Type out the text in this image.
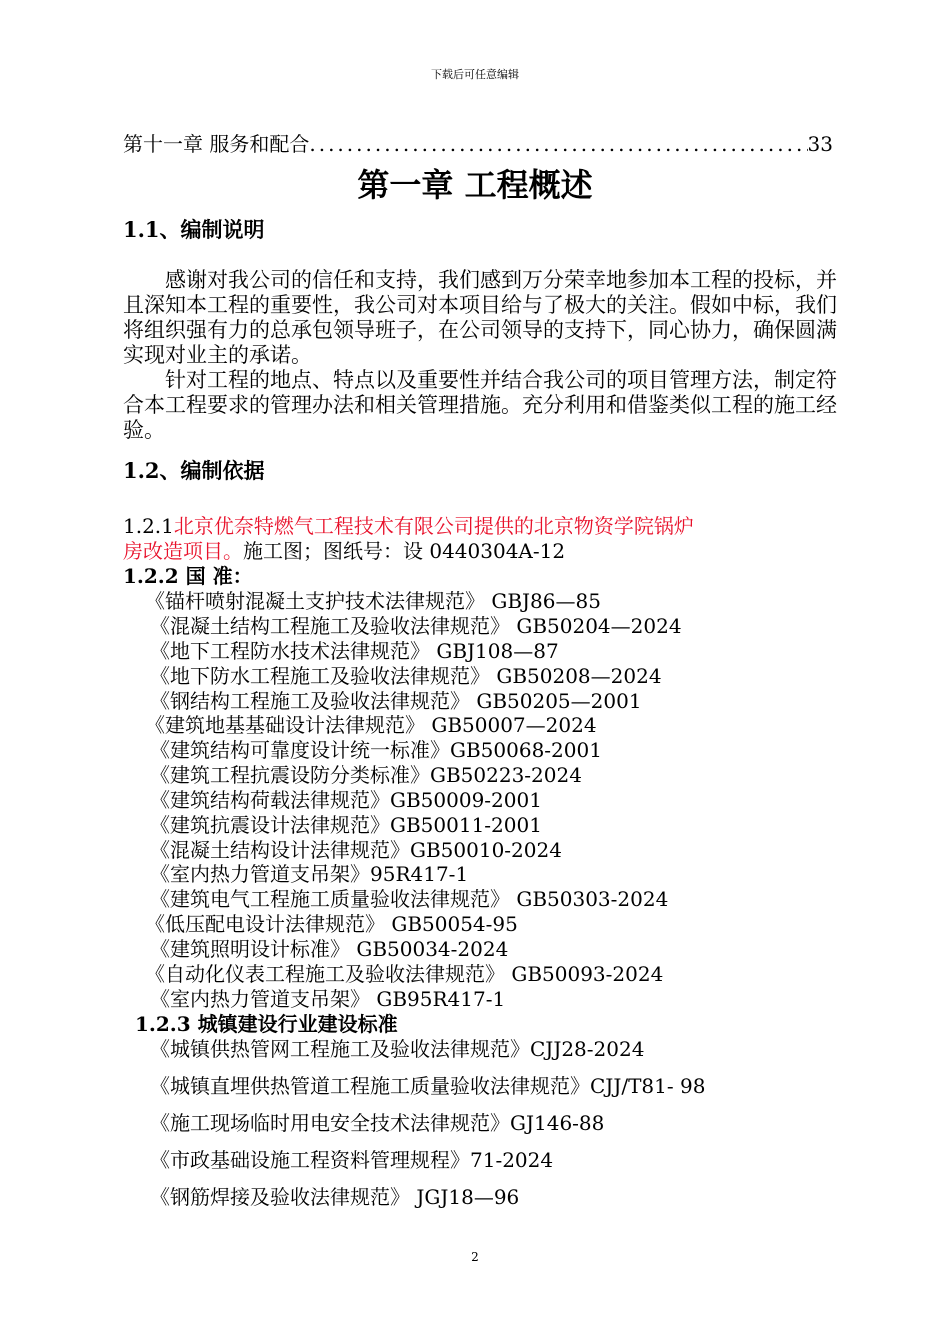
下载后可任意编辑
第十一章 服务和配合
.....	33
第一章 工程概述
1.1、编制说明

感谢对我公司的信任和支持，我们感到万分荣幸地参加本工程的投标，并且深知本工程的重要性，我公司对本项目给与了极大的关注。假如中标，我们将组织强有力的总承包领导班子，在公司领导的支持下，同心协力，确保圆满实现对业主的承诺。

针对工程的地点、特点以及重要性并结合我公司的项目管理方法，制定符合本工程要求的管理办法和相关管理措施。充分利用和借鉴类似工程的施工经验。

1.2、编制依据
1.2.1北京优奈特燃气工程技术有限公司提供的北京物资学院锅炉
房改造项目。施工图；图纸号：设 0440304A-12
1.2.2 国 准：
《锚杆喷射混凝土支护技术法律规范》 GBJ86—85
《混凝土结构工程施工及验收法律规范》 GB50204—2024
《地下工程防水技术法律规范》 GBJ108—87
《地下防水工程施工及验收法律规范》 GB50208—2024
《钢结构工程施工及验收法律规范》 GB50205—2001
《建筑地基基础设计法律规范》 GB50007—2024
《建筑结构可靠度设计统一标准》GB50068-2001
《建筑工程抗震设防分类标准》GB50223-2024
《建筑结构荷载法律规范》GB50009-2001
《建筑抗震设计法律规范》GB50011-2001
《混凝土结构设计法律规范》GB50010-2024
《室内热力管道支吊架》95R417-1
《建筑电气工程施工质量验收法律规范》 GB50303-2024
《低压配电设计法律规范》 GB50054-95
《建筑照明设计标准》 GB50034-2024
《自动化仪表工程施工及验收法律规范》 GB50093-2024
《室内热力管道支吊架》 GB95R417-1
1.2.3 城镇建设行业建设标准
《城镇供热管网工程施工及验收法律规范》CJJ28-2024
《城镇直埋供热管道工程施工质量验收法律规范》CJJ/T81- 98
《施工现场临时用电安全技术法律规范》GJ146-88
《市政基础设施工程资料管理规程》71-2024
《钢筋焊接及验收法律规范》 JGJ18—96
2
